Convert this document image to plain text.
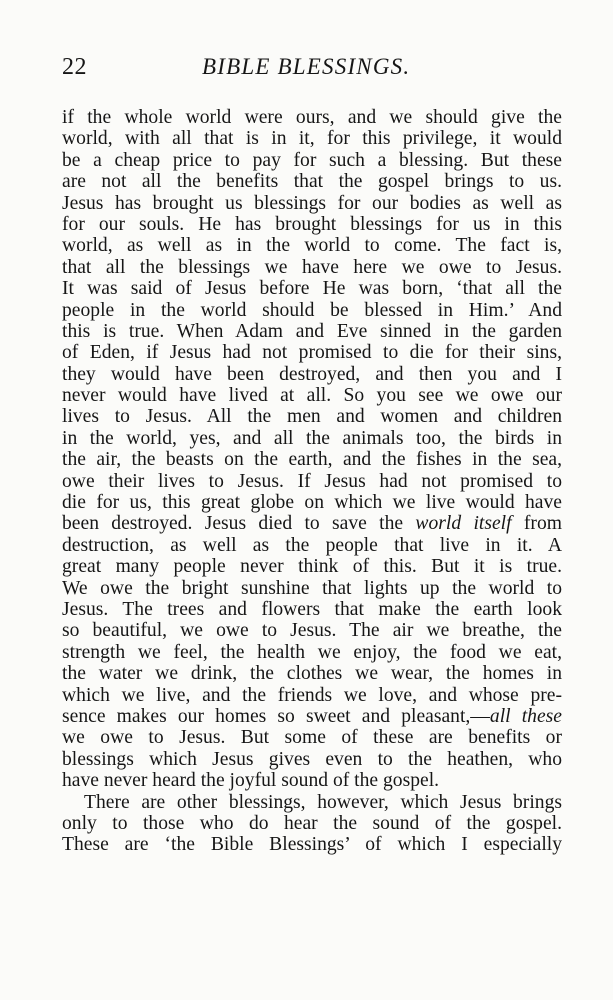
22	BIBLE BLESSINGS.
if the whole world were ours, and we should give the
world, with all that is in it, for this privilege, it would
be a cheap price to pay for such a blessing. But these
are not all the benefits that the gospel brings to us.
Jesus has brought us blessings for our bodies as well as
for our souls. He has brought blessings for us in this
world, as well as in the world to come. The fact is,
that all the blessings we have here we owe to Jesus.
It was said of Jesus before He was born, ‘that all the
people in the world should be blessed in Him.’ And
this is true. When Adam and Eve sinned in the garden
of Eden, if Jesus had not promised to die for their sins,
they would have been destroyed, and then you and I
never would have lived at all. So you see we owe our
lives to Jesus. All the men and women and children
in the world, yes, and all the animals too, the birds in
the air, the beasts on the earth, and the fishes in the sea,
owe their lives to Jesus. If Jesus had not promised to
die for us, this great globe on which we live would have
been destroyed. Jesus died to save the world itself from
destruction, as well as the people that live in it. A
great many people never think of this. But it is true.
We owe the bright sunshine that lights up the world to
Jesus. The trees and flowers that make the earth look
so beautiful, we owe to Jesus. The air we breathe, the
strength we feel, the health we enjoy, the food we eat,
the water we drink, the clothes we wear, the homes in
which we live, and the friends we love, and whose pre-
sence makes our homes so sweet and pleasant,—all these
we owe to Jesus. But some of these are benefits or
blessings which Jesus gives even to the heathen, who
have never heard the joyful sound of the gospel.
There are other blessings, however, which Jesus brings
only to those who do hear the sound of the gospel.
These are ‘the Bible Blessings’ of which I especially
